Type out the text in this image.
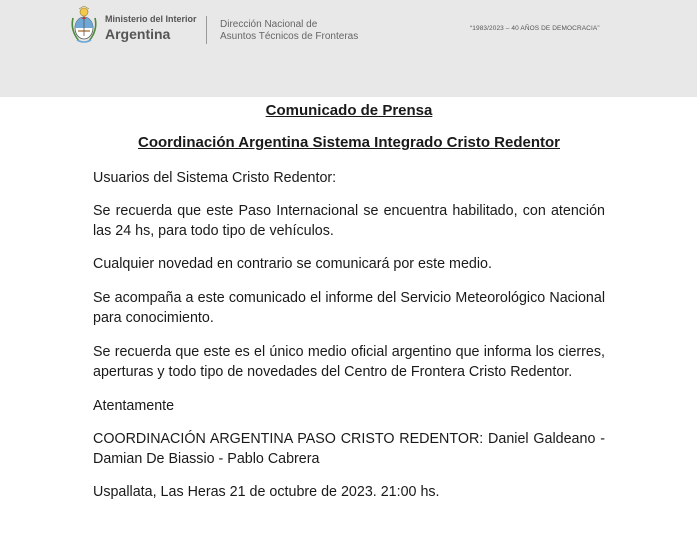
Ministerio del Interior
Argentina
Dirección Nacional de
Asuntos Técnicos de Fronteras
“1983/2023 – 40 AÑOS DE DEMOCRACIA”
Comunicado de Prensa
Coordinación Argentina Sistema Integrado Cristo Redentor
Usuarios del Sistema Cristo Redentor:
Se recuerda que este Paso Internacional se encuentra habilitado, con atención las 24 hs, para todo tipo de vehículos.
Cualquier novedad en contrario se comunicará por este medio.
Se acompaña a este comunicado el informe del Servicio Meteorológico Nacional para conocimiento.
Se recuerda que este es el único medio oficial argentino que informa los cierres, aperturas y todo tipo de novedades del Centro de Frontera Cristo Redentor.
Atentamente
COORDINACIÓN ARGENTINA PASO CRISTO REDENTOR: Daniel Galdeano - Damian De Biassio - Pablo Cabrera
Uspallata, Las Heras 21 de octubre de 2023. 21:00 hs.
